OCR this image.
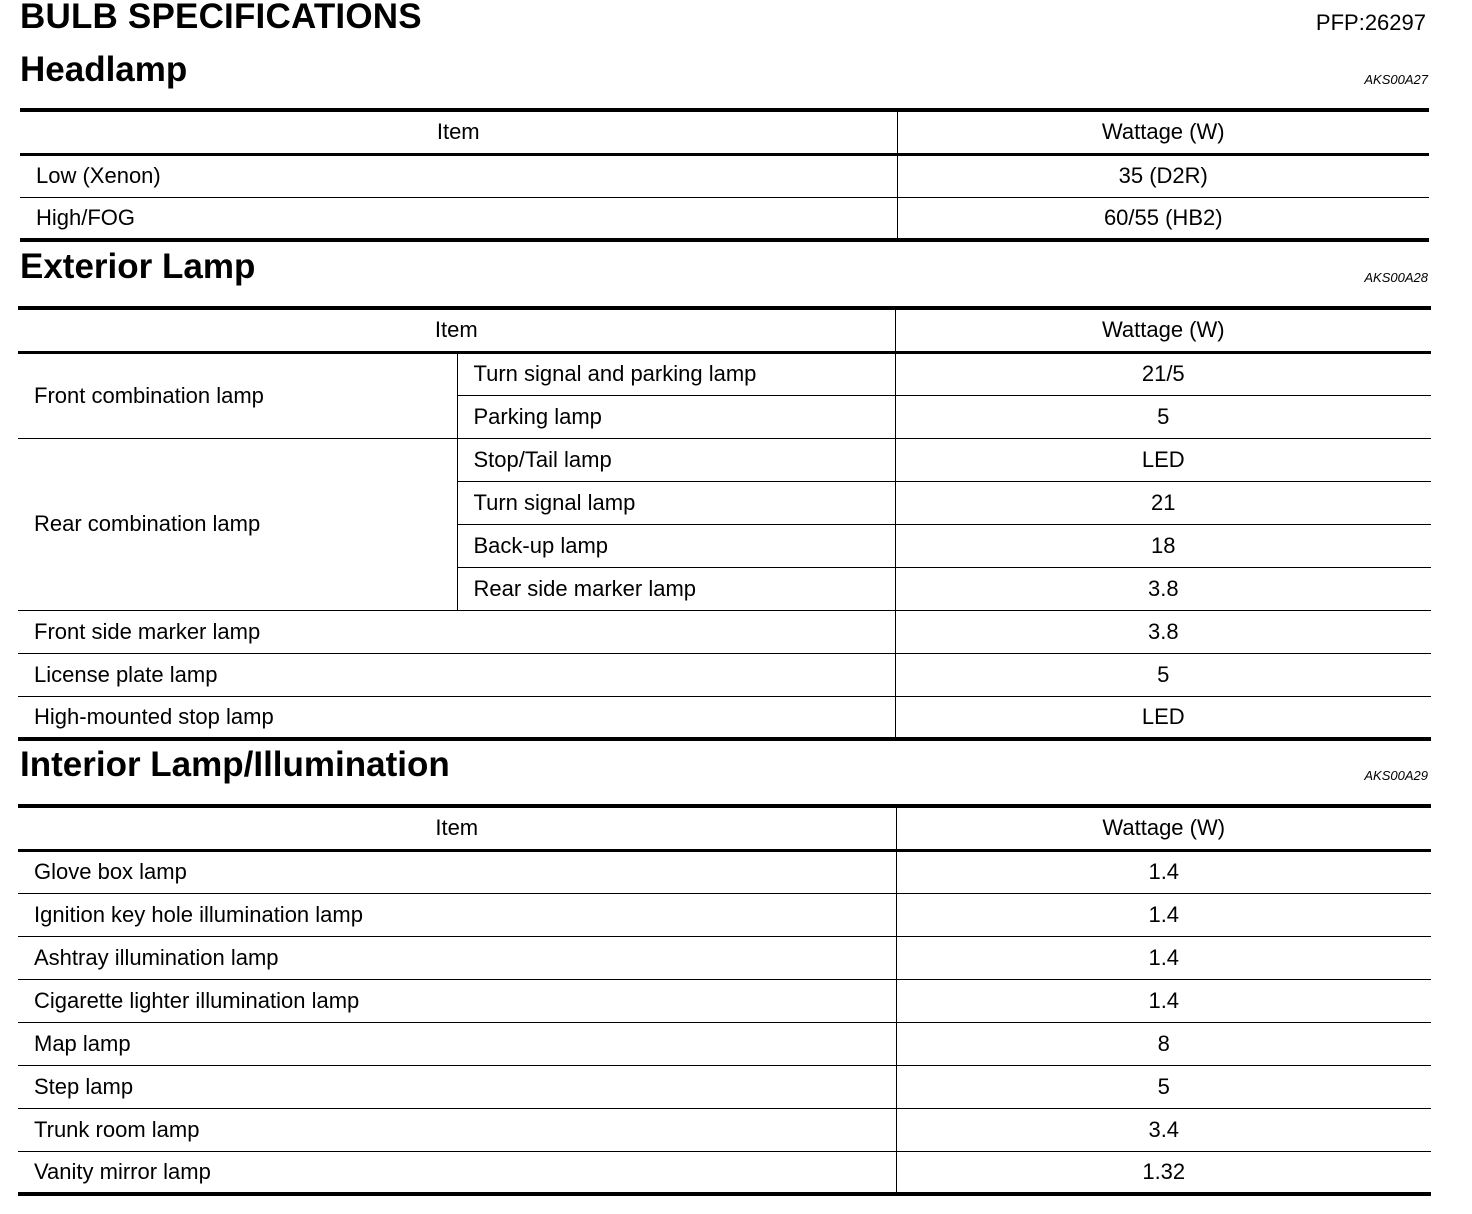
BULB SPECIFICATIONS	PFP:26297
Headlamp	AKS00A27
Item	Wattage (W)
Low (Xenon)	35 (D2R)
High/FOG	60/55 (HB2)
Exterior Lamp	AKS00A28
Item		Wattage (W)
Front combination lamp	Turn signal and parking lamp	21/5
	Parking lamp	5
Rear combination lamp	Stop/Tail lamp	LED
	Turn signal lamp	21
	Back-up lamp	18
	Rear side marker lamp	3.8
Front side marker lamp		3.8
License plate lamp		5
High-mounted stop lamp		LED
Interior Lamp/Illumination	AKS00A29
Item	Wattage (W)
Glove box lamp	1.4
Ignition key hole illumination lamp	1.4
Ashtray illumination lamp	1.4
Cigarette lighter illumination lamp	1.4
Map lamp	8
Step lamp	5
Trunk room lamp	3.4
Vanity mirror lamp	1.32
